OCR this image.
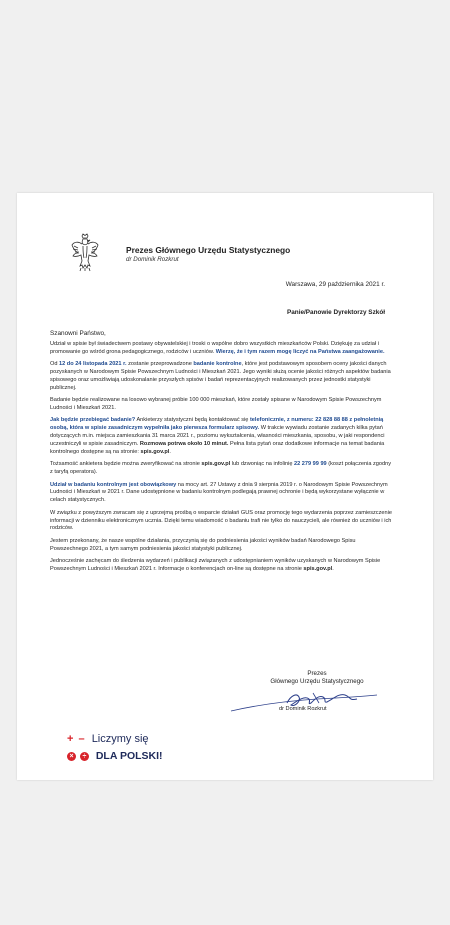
Prezes Głównego Urzędu Statystycznego
dr Dominik Rozkrut
Warszawa, 29 października 2021 r.
Panie/Panowie Dyrektorzy Szkół
Szanowni Państwo,

Udział w spisie był świadectwem postawy obywatelskiej i troski o wspólne dobro wszystkich mieszkańców Polski. Dziękuję za udział i promowanie go wśród grona pedagogicznego, rodziców i uczniów. Wierzę, że i tym razem mogę liczyć na Państwa zaangażowanie.

Od 12 do 24 listopada 2021 r. zostanie przeprowadzone badanie kontrolne, które jest podstawowym sposobem oceny jakości danych pozyskanych w Narodowym Spisie Powszechnym Ludności i Mieszkań 2021. Jego wyniki służą ocenie jakości różnych aspektów badania spisowego oraz umożliwiają udoskonalanie przyszłych spisów i badań reprezentacyjnych realizowanych przez jednostki statystyki publicznej.

Badanie będzie realizowane na losowo wybranej próbie 100 000 mieszkań, które zostały spisane w Narodowym Spisie Powszechnym Ludności i Mieszkań 2021.

Jak będzie przebiegać badanie? Ankieterzy statystyczni będą kontaktować się telefonicznie, z numeru: 22 828 88 88 z pełnoletnią osobą, która w spisie zasadniczym wypełniła jako pierwsza formularz spisowy. W trakcie wywiadu zostanie zadanych kilka pytań dotyczących m.in. miejsca zamieszkania 31 marca 2021 r., poziomu wykształcenia, własności mieszkania, sposobu, w jaki respondenci uczestniczyli w spisie zasadniczym. Rozmowa potrwa około 10 minut. Pełna lista pytań oraz dodatkowe informacje na temat badania kontrolnego dostępne są na stronie: spis.gov.pl.

Tożsamość ankietera będzie można zweryfikować na stronie spis.gov.pl lub dzwoniąc na infolinię 22 279 99 99 (koszt połączenia zgodny z taryfą operatora).

Udział w badaniu kontrolnym jest obowiązkowy na mocy art. 27 Ustawy z dnia 9 sierpnia 2019 r. o Narodowym Spisie Powszechnym Ludności i Mieszkań w 2021 r. Dane udostępnione w badaniu kontrolnym podlegają prawnej ochronie i będą wykorzystane wyłącznie w celach statystycznych.

W związku z powyższym zwracam się z uprzejmą prośbą o wsparcie działań GUS oraz promocję tego wydarzenia poprzez zamieszczenie informacji w dzienniku elektronicznym ucznia. Dzięki temu wiadomość o badaniu trafi nie tylko do nauczycieli, ale również do uczniów i ich rodziców.

Jestem przekonany, że nasze wspólne działania, przyczynią się do podniesienia jakości wyników badań Narodowego Spisu Powszechnego 2021, a tym samym podniesienia jakości statystyki publicznej.

Jednocześnie zachęcam do śledzenia wydarzeń i publikacji związanych z udostępnianiem wyników uzyskanych w Narodowym Spisie Powszechnym Ludności i Mieszkań 2021 r. Informacje o konferencjach on-line są dostępne na stronie spis.gov.pl.

Prezes
Głównego Urzędu Statystycznego
dr Dominik Rozkrut
+ – Liczymy się
× ÷ DLA POLSKI!
